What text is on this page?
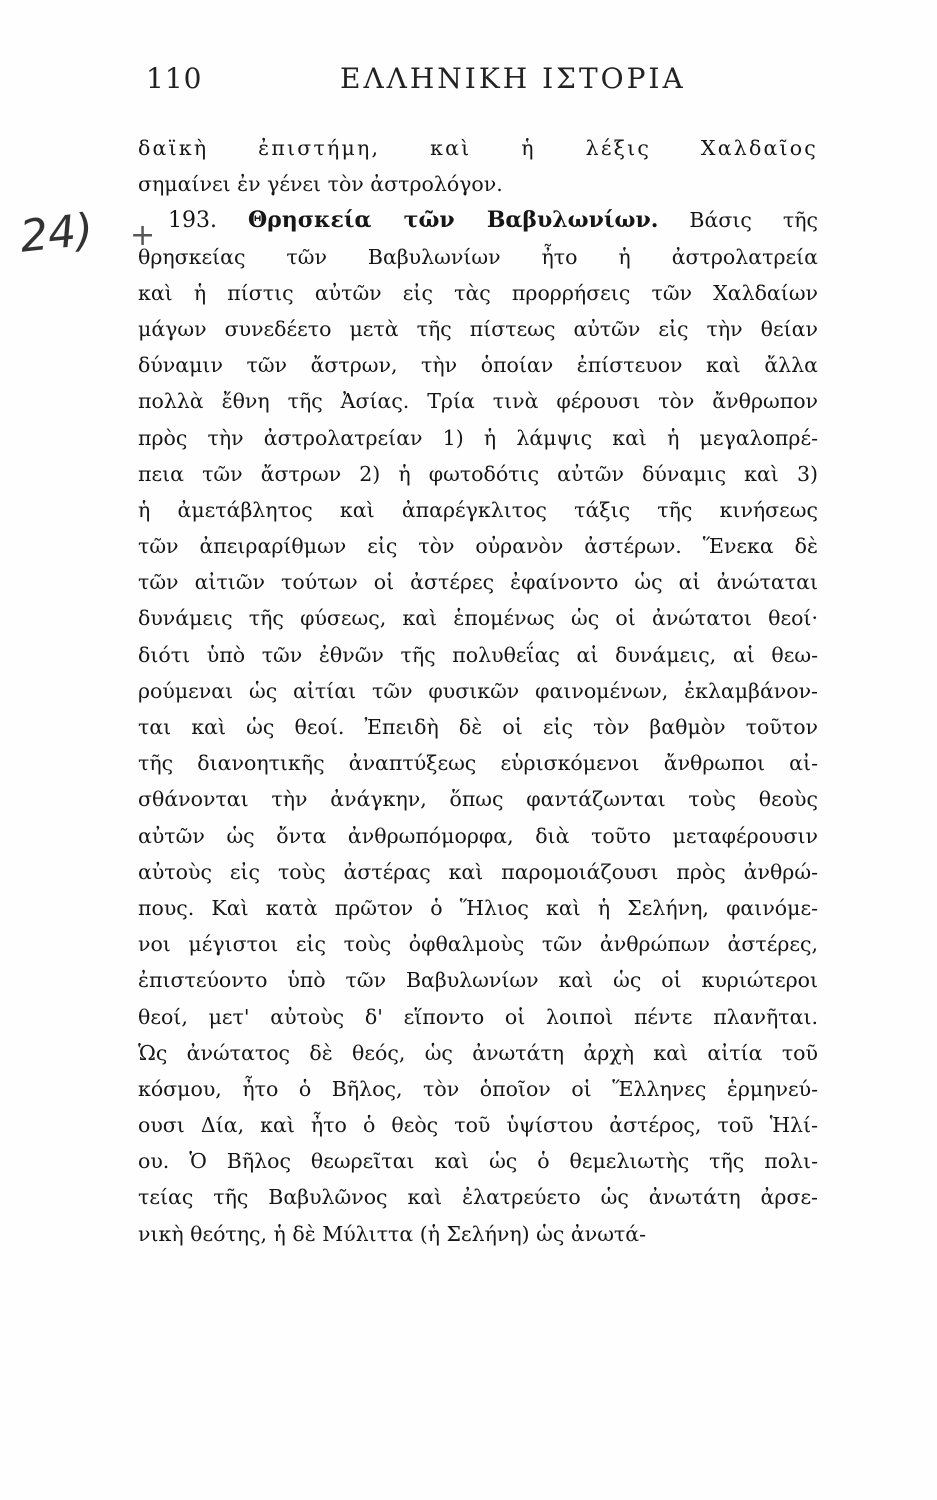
110	ΕΛΛΗΝΙΚΗ ΙΣΤΟΡΙΑ
24) +
δαϊκὴ ἐπιστήμη, καὶ ἡ λέξις Χαλδαῖος
σημαίνει ἐν γένει τὸν ἀστρολόγον.
193. Θρησκεία τῶν Βαβυλωνίων. Βάσις τῆς
θρησκείας τῶν Βαβυλωνίων ἦτο ἡ ἀστρολατρεία
καὶ ἡ πίστις αὐτῶν εἰς τὰς προρρήσεις τῶν Χαλδαίων
μάγων συνεδέετο μετὰ τῆς πίστεως αὐτῶν εἰς τὴν θείαν
δύναμιν τῶν ἄστρων, τὴν ὁποίαν ἐπίστευον καὶ ἄλλα
πολλὰ ἔθνη τῆς Ἀσίας. Τρία τινὰ φέρουσι τὸν ἄνθρωπον
πρὸς τὴν ἀστρολατρείαν 1) ἡ λάμψις καὶ ἡ μεγαλοπρέ-
πεια τῶν ἄστρων 2) ἡ φωτοδότις αὐτῶν δύναμις καὶ 3)
ἡ ἀμετάβλητος καὶ ἀπαρέγκλιτος τάξις τῆς κινήσεως
τῶν ἀπειραρίθμων εἰς τὸν οὐρανὸν ἀστέρων. Ἕνεκα δὲ
τῶν αἰτιῶν τούτων οἱ ἀστέρες ἐφαίνοντο ὡς αἱ ἀνώταται
δυνάμεις τῆς φύσεως, καὶ ἑπομένως ὡς οἱ ἀνώτατοι θεοί·
διότι ὑπὸ τῶν ἐθνῶν τῆς πολυθεΐας αἱ δυνάμεις, αἱ θεω-
ρούμεναι ὡς αἰτίαι τῶν φυσικῶν φαινομένων, ἐκλαμβάνον-
ται καὶ ὡς θεοί. Ἐπειδὴ δὲ οἱ εἰς τὸν βαθμὸν τοῦτον
τῆς διανοητικῆς ἀναπτύξεως εὑρισκόμενοι ἄνθρωποι αἰ-
σθάνονται τὴν ἀνάγκην, ὅπως φαντάζωνται τοὺς θεοὺς
αὐτῶν ὡς ὄντα ἀνθρωπόμορφα, διὰ τοῦτο μεταφέρουσιν
αὐτοὺς εἰς τοὺς ἀστέρας καὶ παρομοιάζουσι πρὸς ἀνθρώ-
πους. Καὶ κατὰ πρῶτον ὁ Ἥλιος καὶ ἡ Σελήνη, φαινόμε-
νοι μέγιστοι εἰς τοὺς ὀφθαλμοὺς τῶν ἀνθρώπων ἀστέρες,
ἐπιστεύοντο ὑπὸ τῶν Βαβυλωνίων καὶ ὡς οἱ κυριώτεροι
θεοί, μετ' αὐτοὺς δ' εἵποντο οἱ λοιποὶ πέντε πλανῆται.
Ὡς ἀνώτατος δὲ θεός, ὡς ἀνωτάτη ἀρχὴ καὶ αἰτία τοῦ
κόσμου, ἦτο ὁ Βῆλος, τὸν ὁποῖον οἱ Ἕλληνες ἑρμηνεύ-
ουσι Δία, καὶ ἦτο ὁ θεὸς τοῦ ὑψίστου ἀστέρος, τοῦ Ἡλί-
ου. Ὁ Βῆλος θεωρεῖται καὶ ὡς ὁ θεμελιωτὴς τῆς πολι-
τείας τῆς Βαβυλῶνος καὶ ἐλατρεύετο ὡς ἀνωτάτη ἀρσε-
νικὴ θεότης, ἡ δὲ Μύλιττα (ἡ Σελήνη) ὡς ἀνωτά-
